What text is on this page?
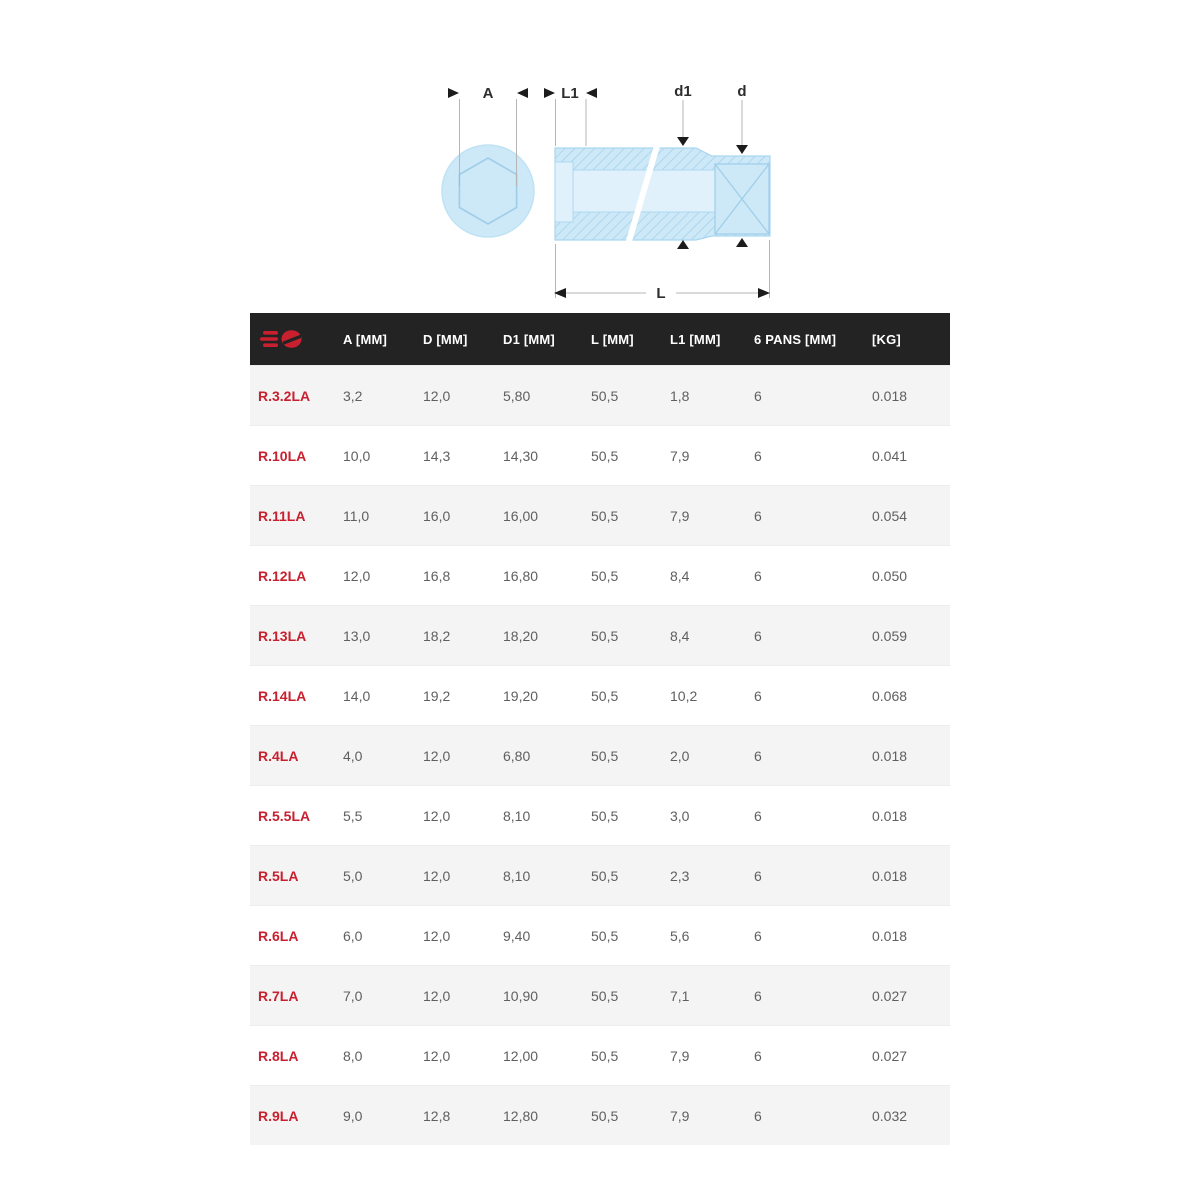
A	L1	d1	d
L
A [MM]	D [MM]	D1 [MM]	L [MM]	L1 [MM]	6 PANS [MM]	[KG]
R.3.2LA	3,2	12,0	5,80	50,5	1,8	6	0.018
R.10LA	10,0	14,3	14,30	50,5	7,9	6	0.041
R.11LA	11,0	16,0	16,00	50,5	7,9	6	0.054
R.12LA	12,0	16,8	16,80	50,5	8,4	6	0.050
R.13LA	13,0	18,2	18,20	50,5	8,4	6	0.059
R.14LA	14,0	19,2	19,20	50,5	10,2	6	0.068
R.4LA	4,0	12,0	6,80	50,5	2,0	6	0.018
R.5.5LA	5,5	12,0	8,10	50,5	3,0	6	0.018
R.5LA	5,0	12,0	8,10	50,5	2,3	6	0.018
R.6LA	6,0	12,0	9,40	50,5	5,6	6	0.018
R.7LA	7,0	12,0	10,90	50,5	7,1	6	0.027
R.8LA	8,0	12,0	12,00	50,5	7,9	6	0.027
R.9LA	9,0	12,8	12,80	50,5	7,9	6	0.032
